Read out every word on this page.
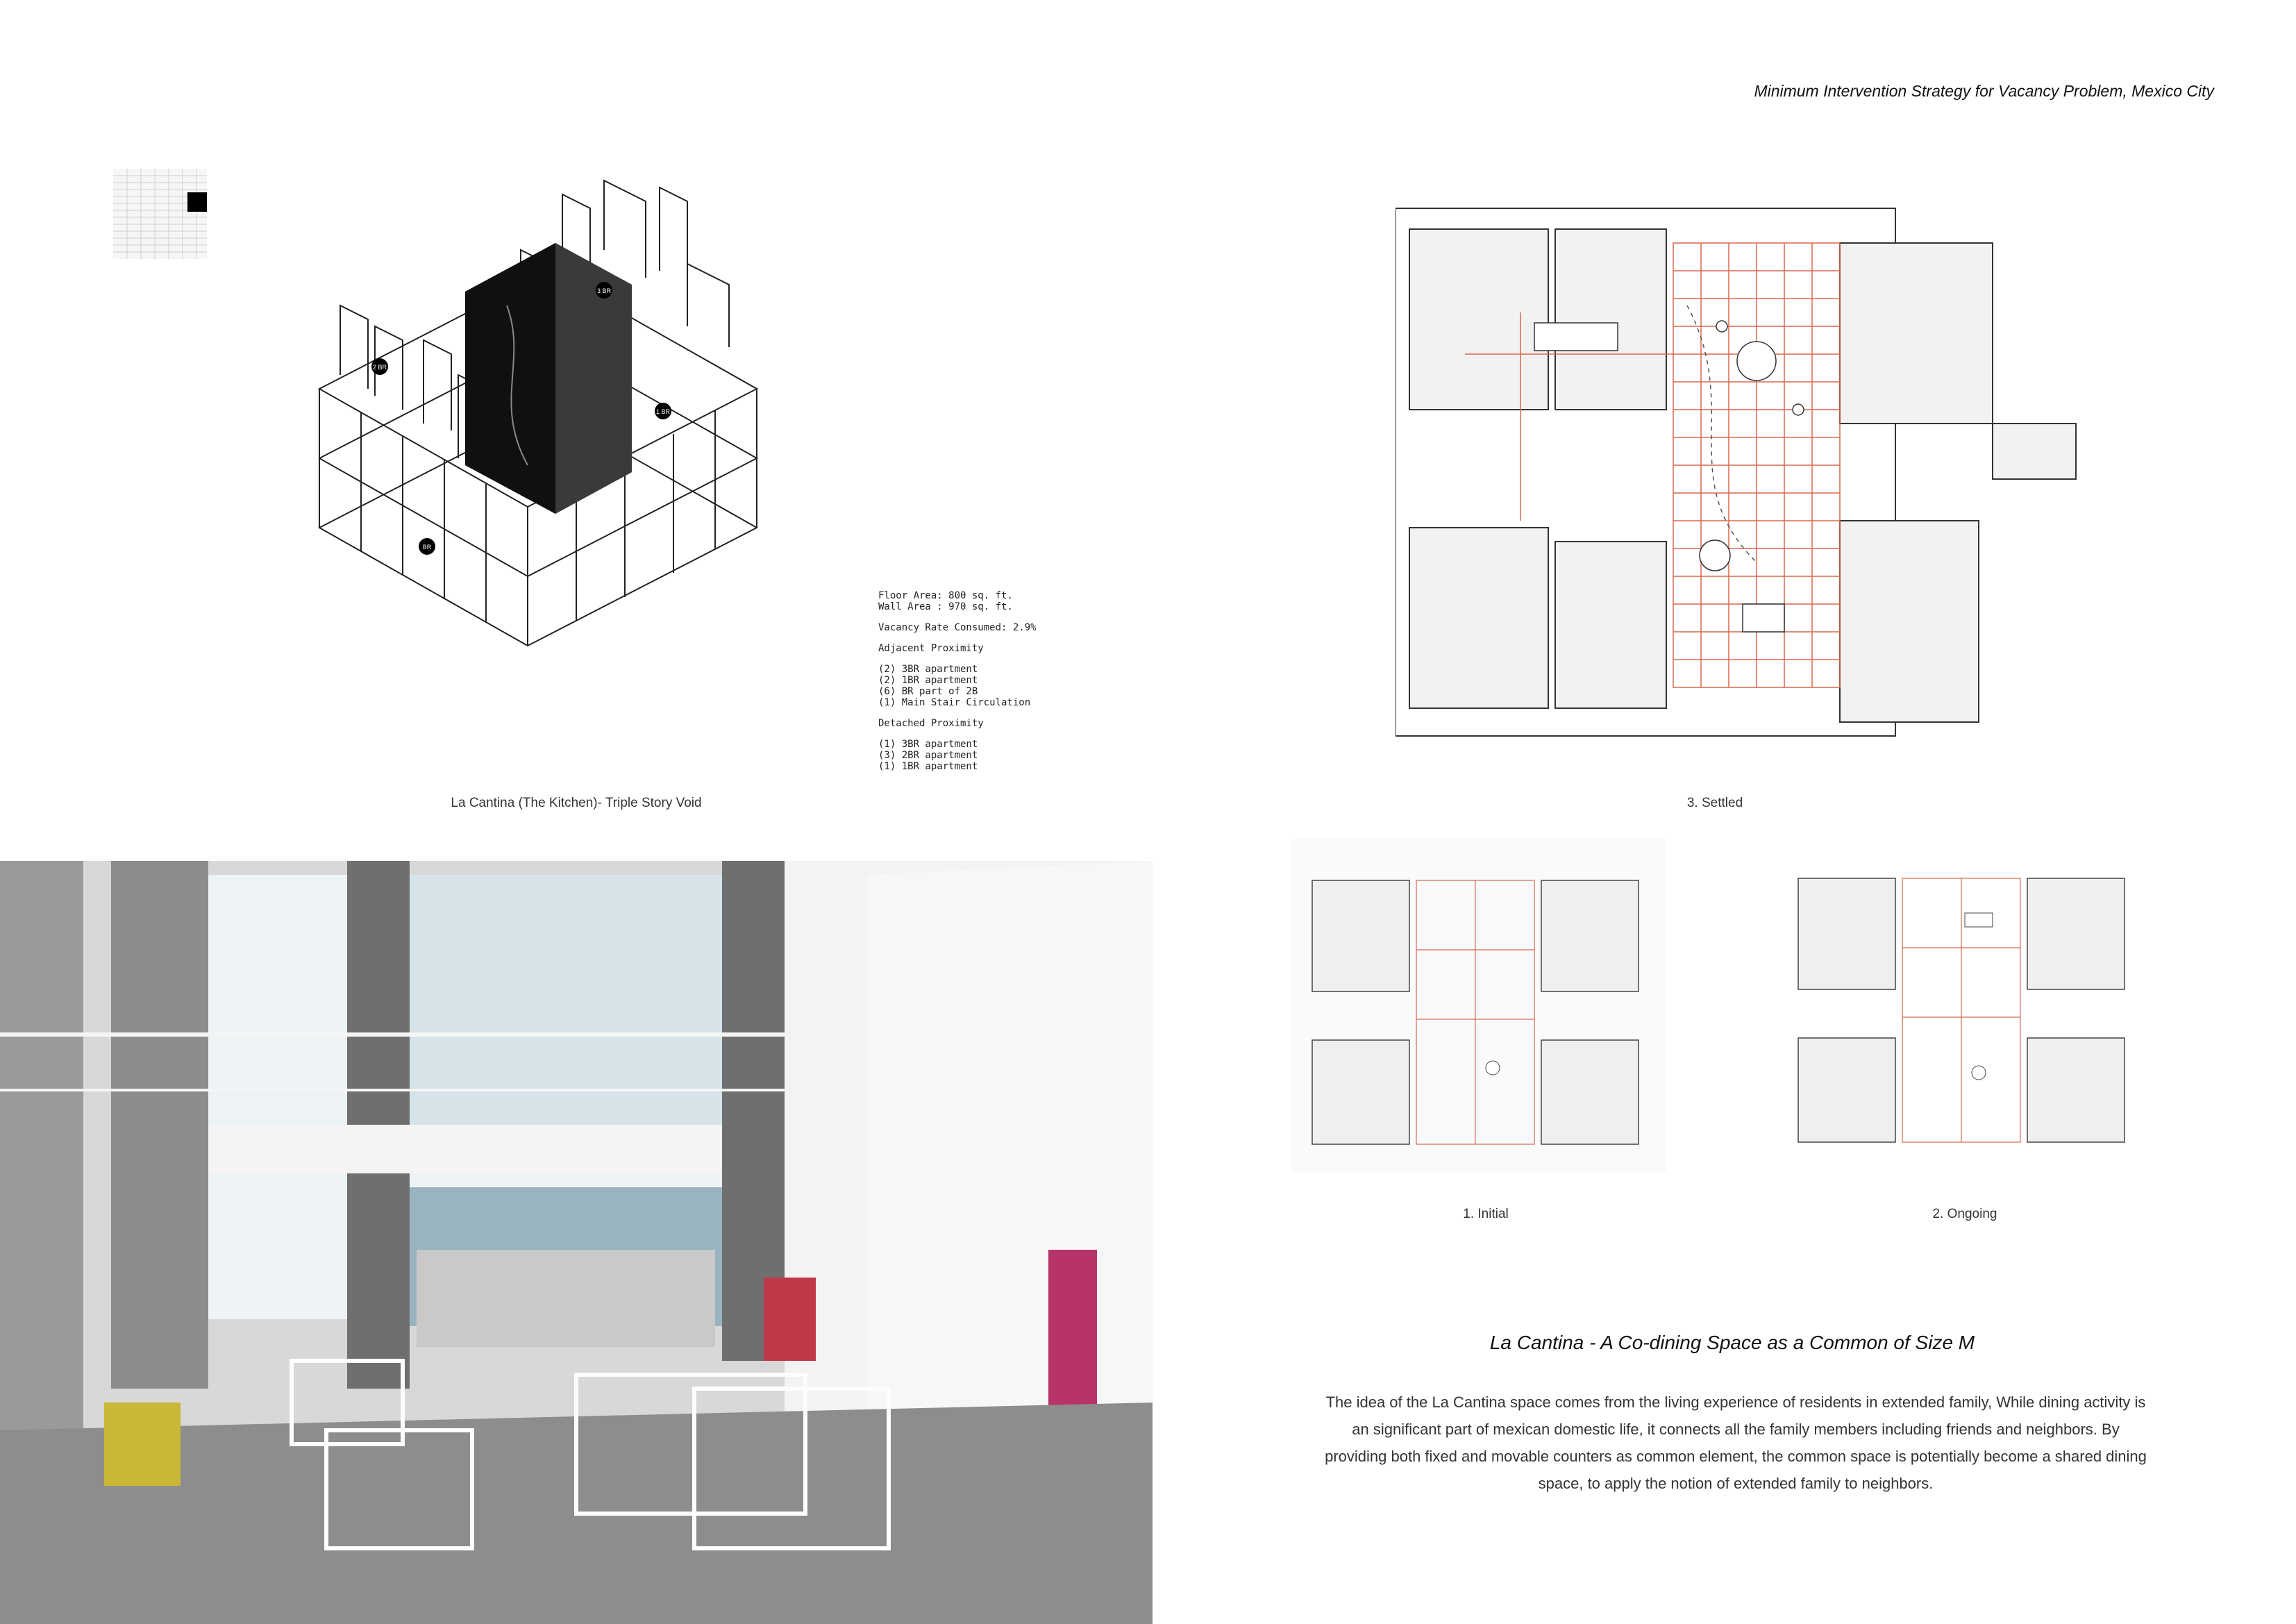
Minimum Intervention Strategy for Vacancy Problem, Mexico City
2 BR
3 BR
1 BR
BR
La Cantina (The Kitchen)- Triple Story Void
Floor Area: 800 sq. ft.
Wall Area : 970 sq. ft.
Vacancy Rate Consumed: 2.9%
Adjacent Proximity
(2) 3BR apartment
(2) 1BR apartment
(6) BR part of 2B
(1) Main Stair Circulation
Detached Proximity
(1) 3BR apartment
(3) 2BR apartment
(1) 1BR apartment
3. Settled
1. Initial	2. Ongoing
La Cantina - A Co-dining Space as a Common of Size M
The idea of the La Cantina space comes from the living experience of residents in extended family, While dining activity is an significant part of mexican domestic life, it connects all the family members including friends and neighbors. By providing both fixed and movable counters as common element, the common space is potentially become a shared dining space, to apply the notion of extended family to neighbors.
